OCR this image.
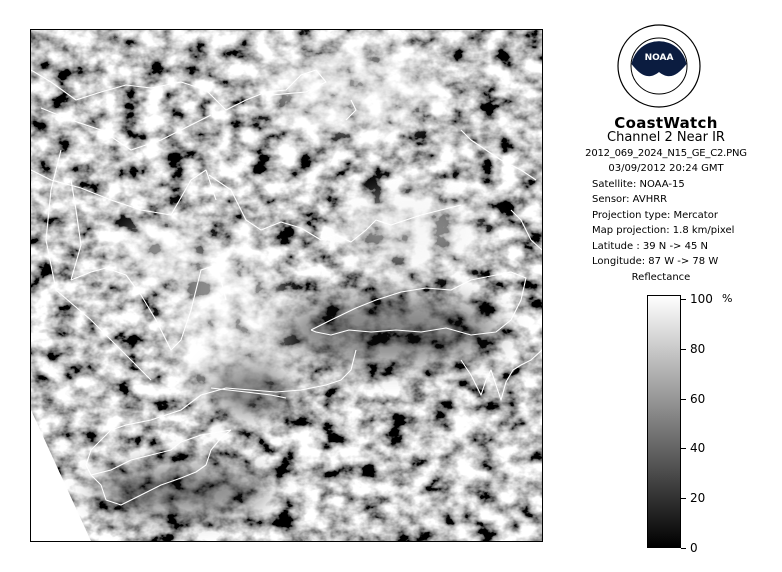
NOAA
CoastWatch
Channel 2 Near IR
2012_069_2024_N15_GE_C2.PNG
03/09/2012 20:24 GMT
Satellite: NOAA-15
Sensor: AVHRR
Projection type: Mercator
Map projection: 1.8 km/pixel
Latitude : 39 N -> 45 N
Longitude: 87 W -> 78 W
Reflectance
%
100
80
60
40
20
0
